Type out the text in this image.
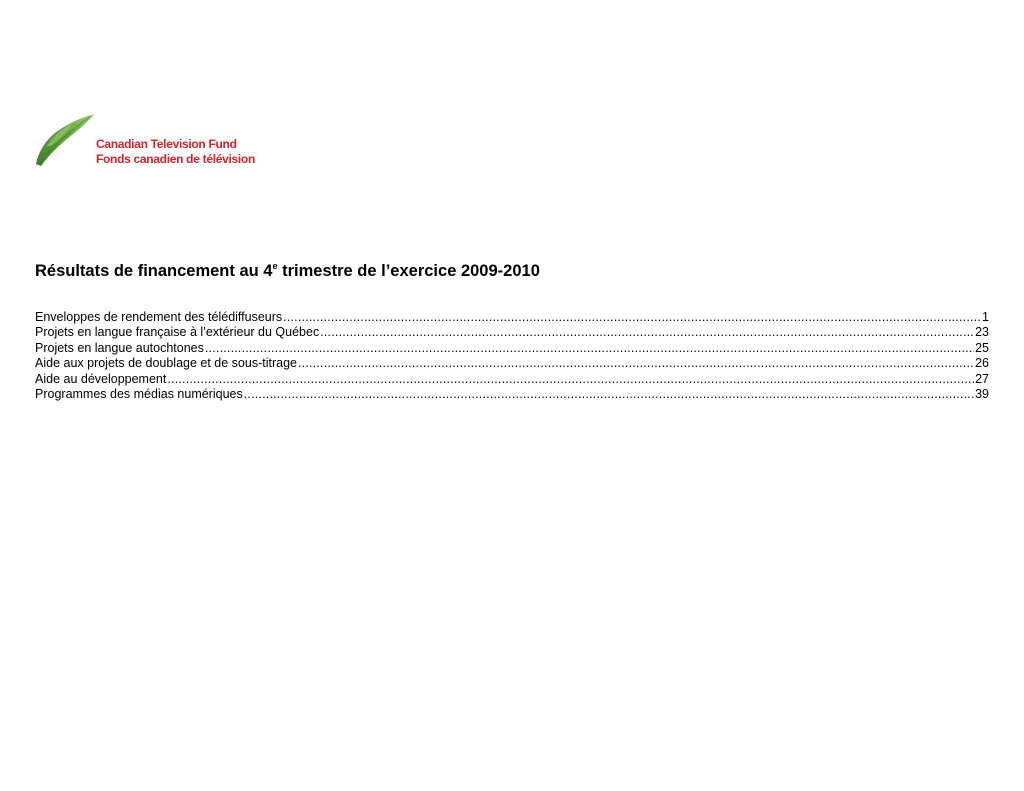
Canadian Television Fund
Fonds canadien de télévision
Résultats de financement au 4e trimestre de l’exercice 2009-2010
Enveloppes de rendement des télédiffuseurs .....	1
Projets en langue française à l’extérieur du Québec .....	23
Projets en langue autochtones .....	25
Aide aux projets de doublage et de sous-titrage .....	26
Aide au développement .....	27
Programmes des médias numériques .....	39
